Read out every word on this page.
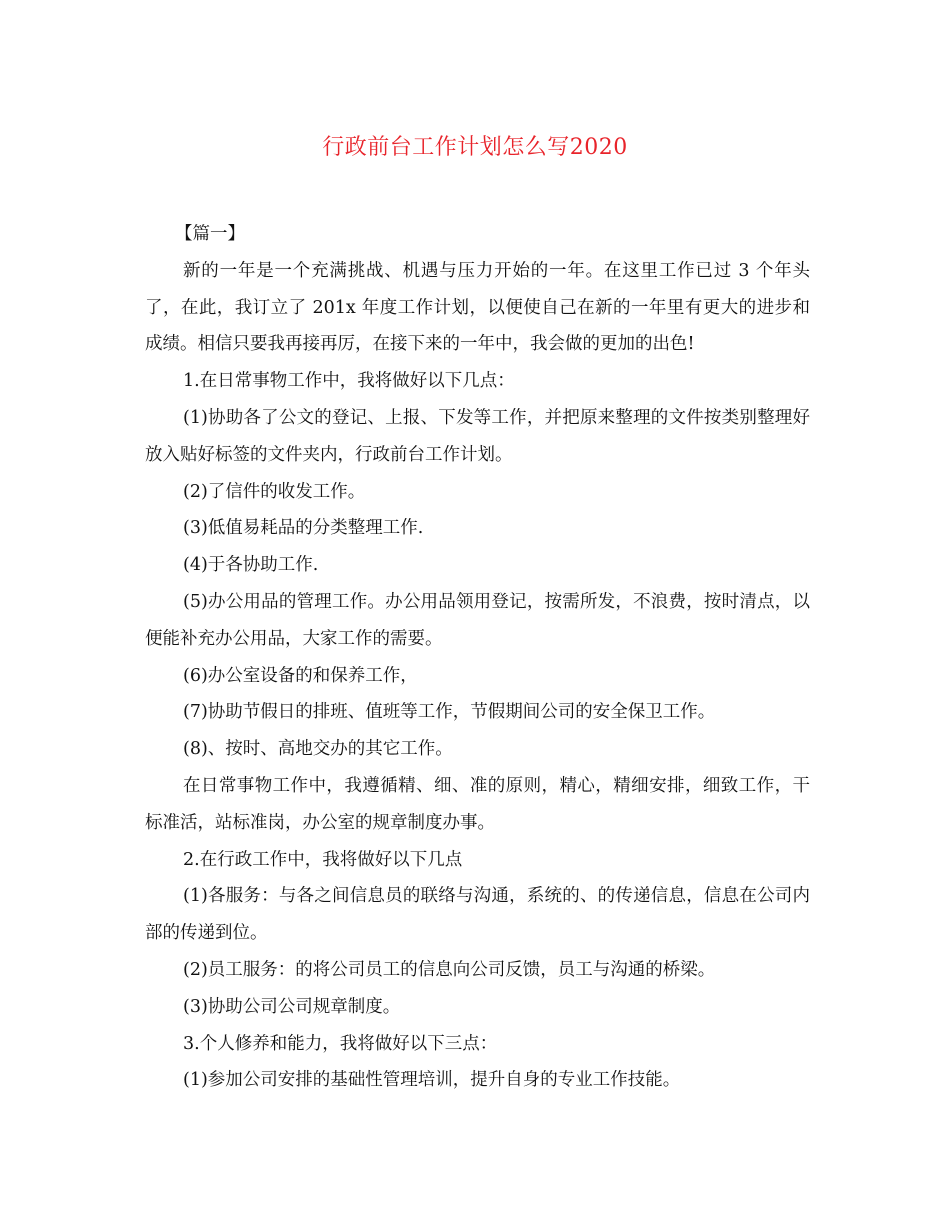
行政前台工作计划怎么写2020

【篇一】

新的一年是一个充满挑战、机遇与压力开始的一年。在这里工作已过 3 个年头了，在此，我订立了 201x 年度工作计划，以便使自己在新的一年里有更大的进步和成绩。相信只要我再接再厉，在接下来的一年中，我会做的更加的出色!

1.在日常事物工作中，我将做好以下几点：

(1)协助各了公文的登记、上报、下发等工作，并把原来整理的文件按类别整理好放入贴好标签的文件夹内，行政前台工作计划。

(2)了信件的收发工作。

(3)低值易耗品的分类整理工作.

(4)于各协助工作.

(5)办公用品的管理工作。办公用品领用登记，按需所发，不浪费，按时清点，以便能补充办公用品，大家工作的需要。

(6)办公室设备的和保养工作，

(7)协助节假日的排班、值班等工作，节假期间公司的安全保卫工作。

(8)、按时、高地交办的其它工作。

在日常事物工作中，我遵循精、细、准的原则，精心，精细安排，细致工作，干标准活，站标准岗，办公室的规章制度办事。

2.在行政工作中，我将做好以下几点

(1)各服务：与各之间信息员的联络与沟通，系统的、的传递信息，信息在公司内部的传递到位。

(2)员工服务：的将公司员工的信息向公司反馈，员工与沟通的桥梁。

(3)协助公司公司规章制度。

3.个人修养和能力，我将做好以下三点：

(1)参加公司安排的基础性管理培训，提升自身的专业工作技能。
